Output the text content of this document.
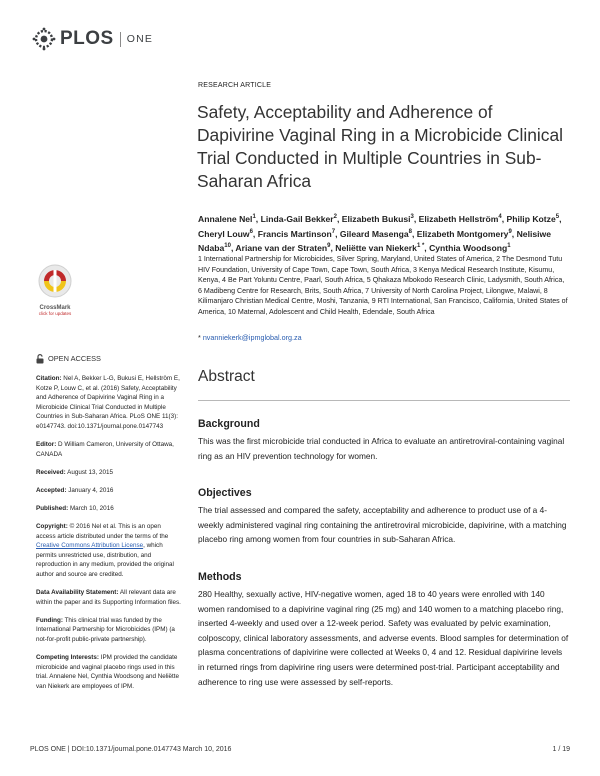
PLOS ONE
RESEARCH ARTICLE
Safety, Acceptability and Adherence of Dapivirine Vaginal Ring in a Microbicide Clinical Trial Conducted in Multiple Countries in Sub-Saharan Africa
Annalene Nel$^1$, Linda-Gail Bekker$^2$, Elizabeth Bukusi$^3$, Elizabeth Hellström$^4$, Philip Kotze$^5$, Cheryl Louw$^6$, Francis Martinson$^7$, Gileard Masenga$^8$, Elizabeth Montgomery$^9$, Nelisiwe Ndaba$^{10}$, Ariane van der Straten$^9$, Neliëtte van Niekerk$^{1 *}$, Cynthia Woodsong$^1$
1 International Partnership for Microbicides, Silver Spring, Maryland, United States of America, 2 The Desmond Tutu HIV Foundation, University of Cape Town, Cape Town, South Africa, 3 Kenya Medical Research Institute, Kisumu, Kenya, 4 Be Part Yoluntu Centre, Paarl, South Africa, 5 Qhakaza Mbokodo Research Clinic, Ladysmith, South Africa, 6 Madibeng Centre for Research, Brits, South Africa, 7 University of North Carolina Project, Lilongwe, Malawi, 8 Kilimanjaro Christian Medical Centre, Moshi, Tanzania, 9 RTI International, San Francisco, California, United States of America, 10 Maternal, Adolescent and Child Health, Edendale, South Africa
* nvanniekerk@ipmglobal.org.za
CrossMark
click for updates
OPEN ACCESS
Citation: Nel A, Bekker L-G, Bukusi E, Hellström E, Kotze P, Louw C, et al. (2016) Safety, Acceptability and Adherence of Dapivirine Vaginal Ring in a Microbicide Clinical Trial Conducted in Multiple Countries in Sub-Saharan Africa. PLoS ONE 11(3): e0147743. doi:10.1371/journal.pone.0147743
Editor: D William Cameron, University of Ottawa, CANADA
Received: August 13, 2015
Accepted: January 4, 2016
Published: March 10, 2016
Copyright: © 2016 Nel et al. This is an open access article distributed under the terms of the Creative Commons Attribution License, which permits unrestricted use, distribution, and reproduction in any medium, provided the original author and source are credited.
Data Availability Statement: All relevant data are within the paper and its Supporting Information files.
Funding: This clinical trial was funded by the International Partnership for Microbicides (IPM) (a not-for-profit public-private partnership).
Competing Interests: IPM provided the candidate microbicide and vaginal placebo rings used in this trial. Annalene Nel, Cynthia Woodsong and Neliëtte van Niekerk are employees of IPM.
Abstract
Background
This was the first microbicide trial conducted in Africa to evaluate an antiretroviral-containing vaginal ring as an HIV prevention technology for women.
Objectives
The trial assessed and compared the safety, acceptability and adherence to product use of a 4-weekly administered vaginal ring containing the antiretroviral microbicide, dapivirine, with a matching placebo ring among women from four countries in sub-Saharan Africa.
Methods
280 Healthy, sexually active, HIV-negative women, aged 18 to 40 years were enrolled with 140 women randomised to a dapivirine vaginal ring (25 mg) and 140 women to a matching placebo ring, inserted 4-weekly and used over a 12-week period. Safety was evaluated by pelvic examination, colposcopy, clinical laboratory assessments, and adverse events. Blood samples for determination of plasma concentrations of dapivirine were collected at Weeks 0, 4 and 12. Residual dapivirine levels in returned rings from dapivirine ring users were determined post-trial. Participant acceptability and adherence to ring use were assessed by self-reports.
PLOS ONE | DOI:10.1371/journal.pone.0147743 March 10, 2016	1 / 19
